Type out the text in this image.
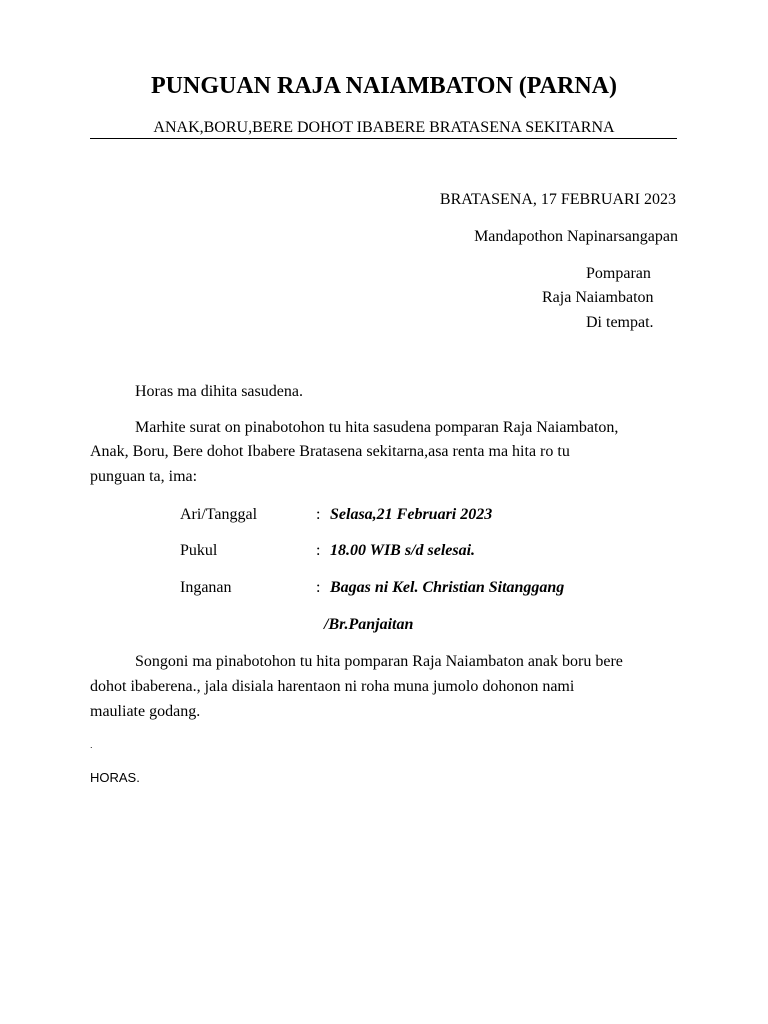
PUNGUAN RAJA NAIAMBATON (PARNA)
ANAK,BORU,BERE DOHOT IBABERE BRATASENA SEKITARNA
BRATASENA, 17 FEBRUARI 2023
Mandapothon Napinarsangapan
Pomparan
Raja Naiambaton
Di tempat.
Horas ma dihita sasudena.
Marhite surat on pinabotohon tu hita sasudena pomparan Raja Naiambaton,
Anak, Boru, Bere dohot Ibabere Bratasena sekitarna,asa renta ma hita ro tu
punguan ta, ima:
Ari/Tanggal	: Selasa,21 Februari 2023
Pukul	: 18.00 WIB s/d selesai.
Inganan	: Bagas ni Kel. Christian Sitanggang
/Br.Panjaitan
Songoni ma pinabotohon tu hita pomparan Raja Naiambaton anak boru bere
dohot ibaberena., jala disiala harentaon ni roha muna jumolo dohonon nami
mauliate godang.
.
HORAS.
